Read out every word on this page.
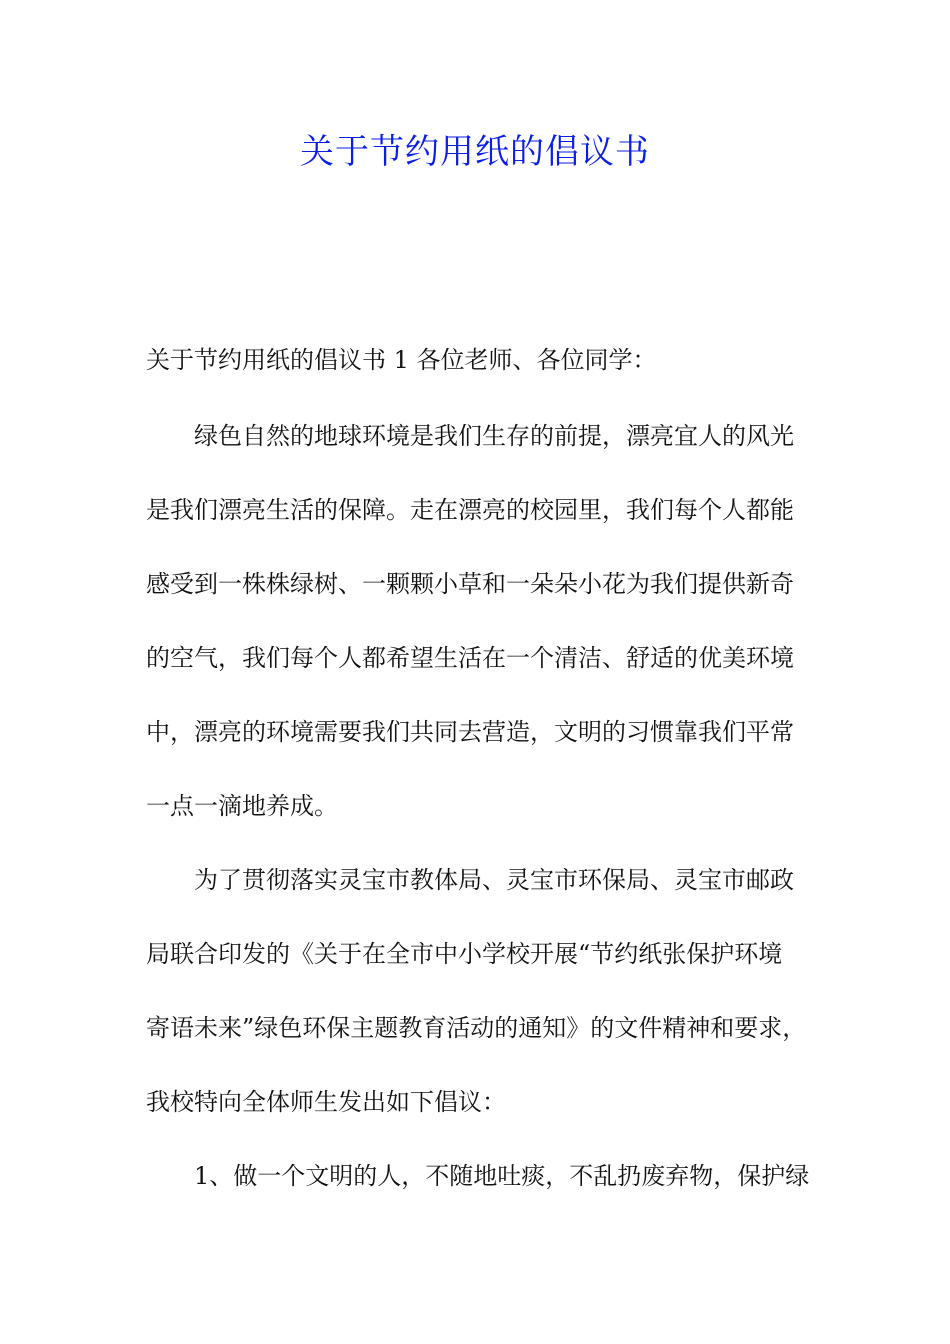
关于节约用纸的倡议书
关于节约用纸的倡议书 1 各位老师、各位同学：
绿色自然的地球环境是我们生存的前提，漂亮宜人的风光
是我们漂亮生活的保障。走在漂亮的校园里，我们每个人都能
感受到一株株绿树、一颗颗小草和一朵朵小花为我们提供新奇
的空气，我们每个人都希望生活在一个清洁、舒适的优美环境
中，漂亮的环境需要我们共同去营造，文明的习惯靠我们平常
一点一滴地养成。
为了贯彻落实灵宝市教体局、灵宝市环保局、灵宝市邮政
局联合印发的《关于在全市中小学校开展“节约纸张保护环境
寄语未来”绿色环保主题教育活动的通知》的文件精神和要求，
我校特向全体师生发出如下倡议：
1、做一个文明的人，不随地吐痰，不乱扔废弃物，保护绿
